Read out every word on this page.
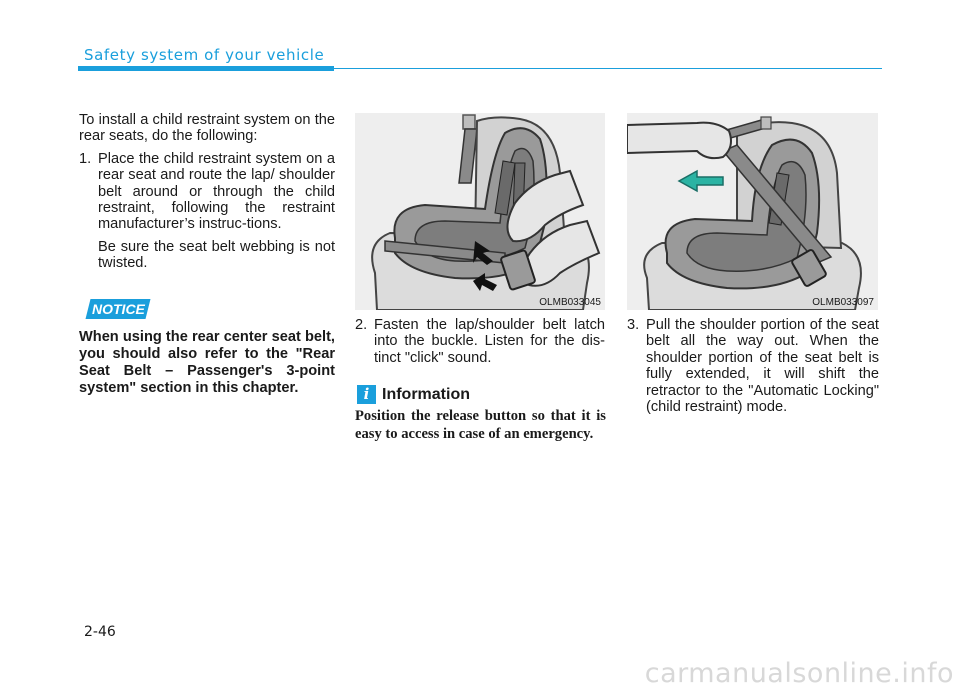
Safety system of your vehicle

To install a child restraint system on the rear seats, do the following:

1. Place the child restraint system on a rear seat and route the lap/ shoulder belt around or through the child restraint, following the restraint manufacturer’s instruc-tions.

Be sure the seat belt webbing is not twisted.

NOTICE

When using the rear center seat belt, you should also refer to the "Rear Seat Belt – Passenger's 3-point system" section in this chapter.

OLMB033045	OLMB033097
2. Fasten the lap/shoulder belt latch into the buckle. Listen for the dis-tinct "click" sound.
i Information

Position the release button so that it is easy to access in case of an emergency.

3. Pull the shoulder portion of the seat belt all the way out. When the shoulder portion of the seat belt is fully extended, it will shift the retractor to the "Automatic Locking" (child restraint) mode.
2-46
carmanualsonline.info
